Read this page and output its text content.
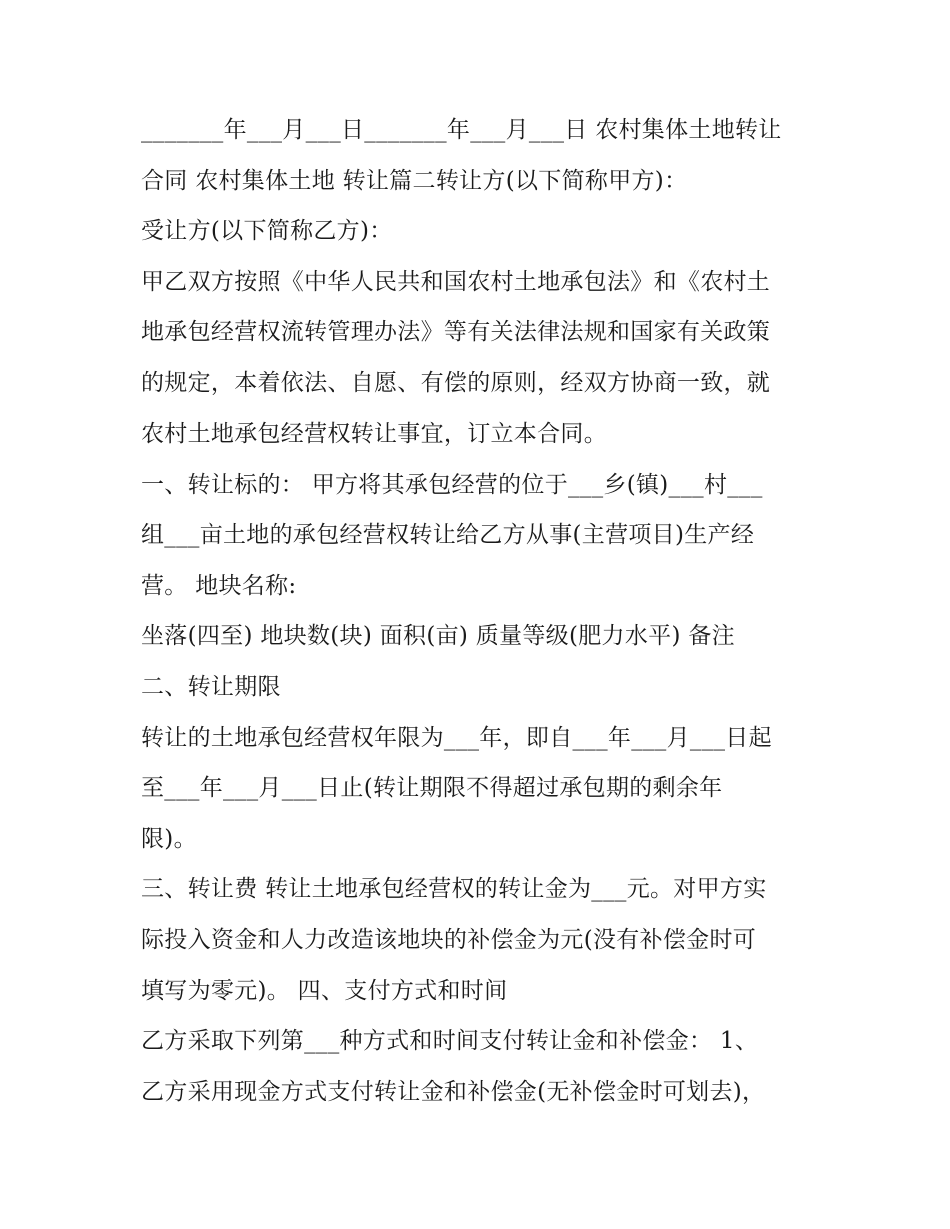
_______年___月___日_______年___月___日 农村集体土地转让
合同 农村集体土地 转让篇二转让方(以下简称甲方)：
受让方(以下简称乙方)：
甲乙双方按照《中华人民共和国农村土地承包法》和《农村土
地承包经营权流转管理办法》等有关法律法规和国家有关政策
的规定，本着依法、自愿、有偿的原则，经双方协商一致，就
农村土地承包经营权转让事宜，订立本合同。
一、转让标的： 甲方将其承包经营的位于___乡(镇)___村___
组___亩土地的承包经营权转让给乙方从事(主营项目)生产经
营。 地块名称:
坐落(四至) 地块数(块) 面积(亩) 质量等级(肥力水平) 备注
二、转让期限
转让的土地承包经营权年限为___年，即自___年___月___日起
至___年___月___日止(转让期限不得超过承包期的剩余年
限)。
三、转让费 转让土地承包经营权的转让金为___元。对甲方实
际投入资金和人力改造该地块的补偿金为元(没有补偿金时可
填写为零元)。 四、支付方式和时间
乙方采取下列第___种方式和时间支付转让金和补偿金： 1、
乙方采用现金方式支付转让金和补偿金(无补偿金时可划去)，
